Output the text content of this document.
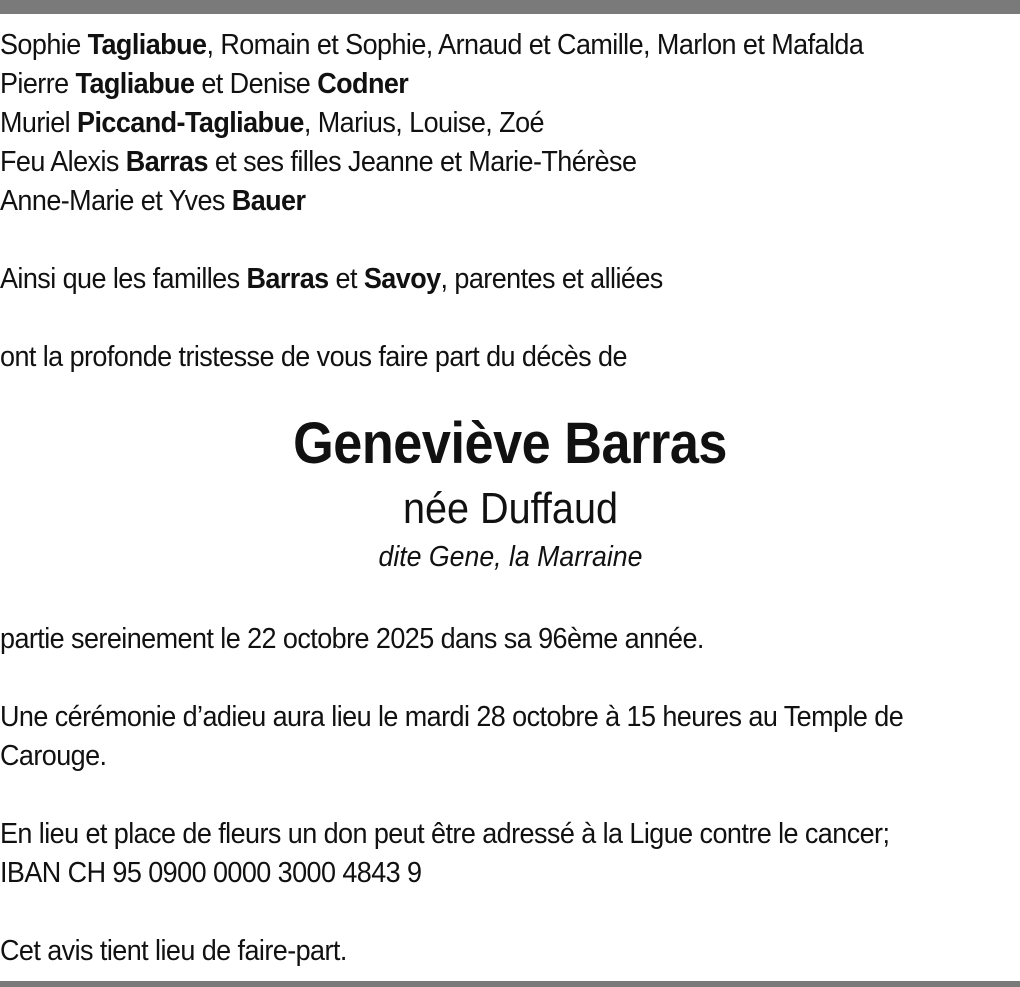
Sophie Tagliabue, Romain et Sophie, Arnaud et Camille, Marlon et Mafalda
Pierre Tagliabue et Denise Codner
Muriel Piccand-Tagliabue, Marius, Louise, Zoé
Feu Alexis Barras et ses filles Jeanne et Marie-Thérèse
Anne-Marie et Yves Bauer
Ainsi que les familles Barras et Savoy, parentes et alliées
ont la profonde tristesse de vous faire part du décès de
Geneviève Barras
née Duffaud
dite Gene, la Marraine
partie sereinement le 22 octobre 2025 dans sa 96ème année.
Une cérémonie d’adieu aura lieu le mardi 28 octobre à 15 heures au Temple de
Carouge.
En lieu et place de fleurs un don peut être adressé à la Ligue contre le cancer;
IBAN CH 95 0900 0000 3000 4843 9
Cet avis tient lieu de faire-part.
